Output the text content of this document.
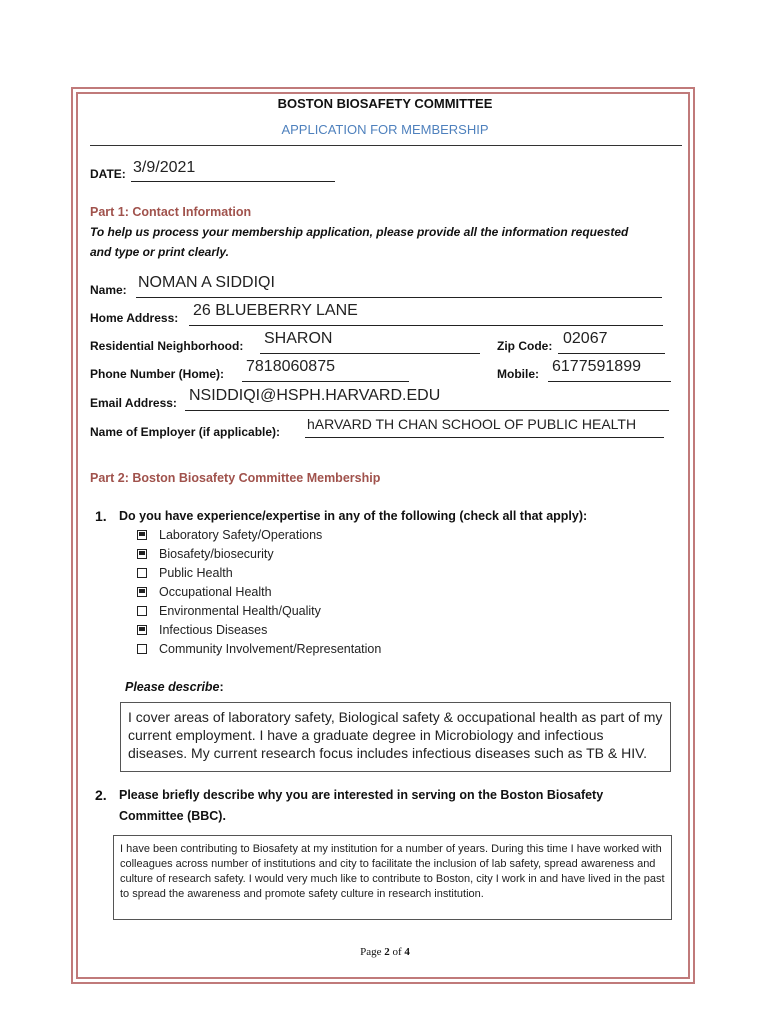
BOSTON BIOSAFETY COMMITTEE
APPLICATION FOR MEMBERSHIP
DATE: 3/9/2021
Part 1: Contact Information
To help us process your membership application, please provide all the information requested
and type or print clearly.
Name: NOMAN A SIDDIQI
Home Address: 26 BLUEBERRY LANE
Residential Neighborhood: SHARON	Zip Code: 02067
Phone Number (Home): 7818060875	Mobile: 6177591899
Email Address: NSIDDIQI@HSPH.HARVARD.EDU
Name of Employer (if applicable): hARVARD TH CHAN SCHOOL OF PUBLIC HEALTH
Part 2: Boston Biosafety Committee Membership
1. Do you have experience/expertise in any of the following (check all that apply):
Laboratory Safety/Operations
Biosafety/biosecurity
Public Health
Occupational Health
Environmental Health/Quality
Infectious Diseases
Community Involvement/Representation
Please describe:
I cover areas of laboratory safety, Biological safety & occupational health as part of my current employment. I have a graduate degree in Microbiology and infectious diseases. My current research focus includes infectious diseases such as TB & HIV.
2. Please briefly describe why you are interested in serving on the Boston Biosafety
Committee (BBC).
I have been contributing to Biosafety at my institution for a number of years. During this time I have worked with colleagues across number of institutions and city to facilitate the inclusion of lab safety, spread awareness and culture of research safety. I would very much like to contribute to Boston, city I work in and have lived in the past to spread the awareness and promote safety culture in research institution.
Page 2 of 4
